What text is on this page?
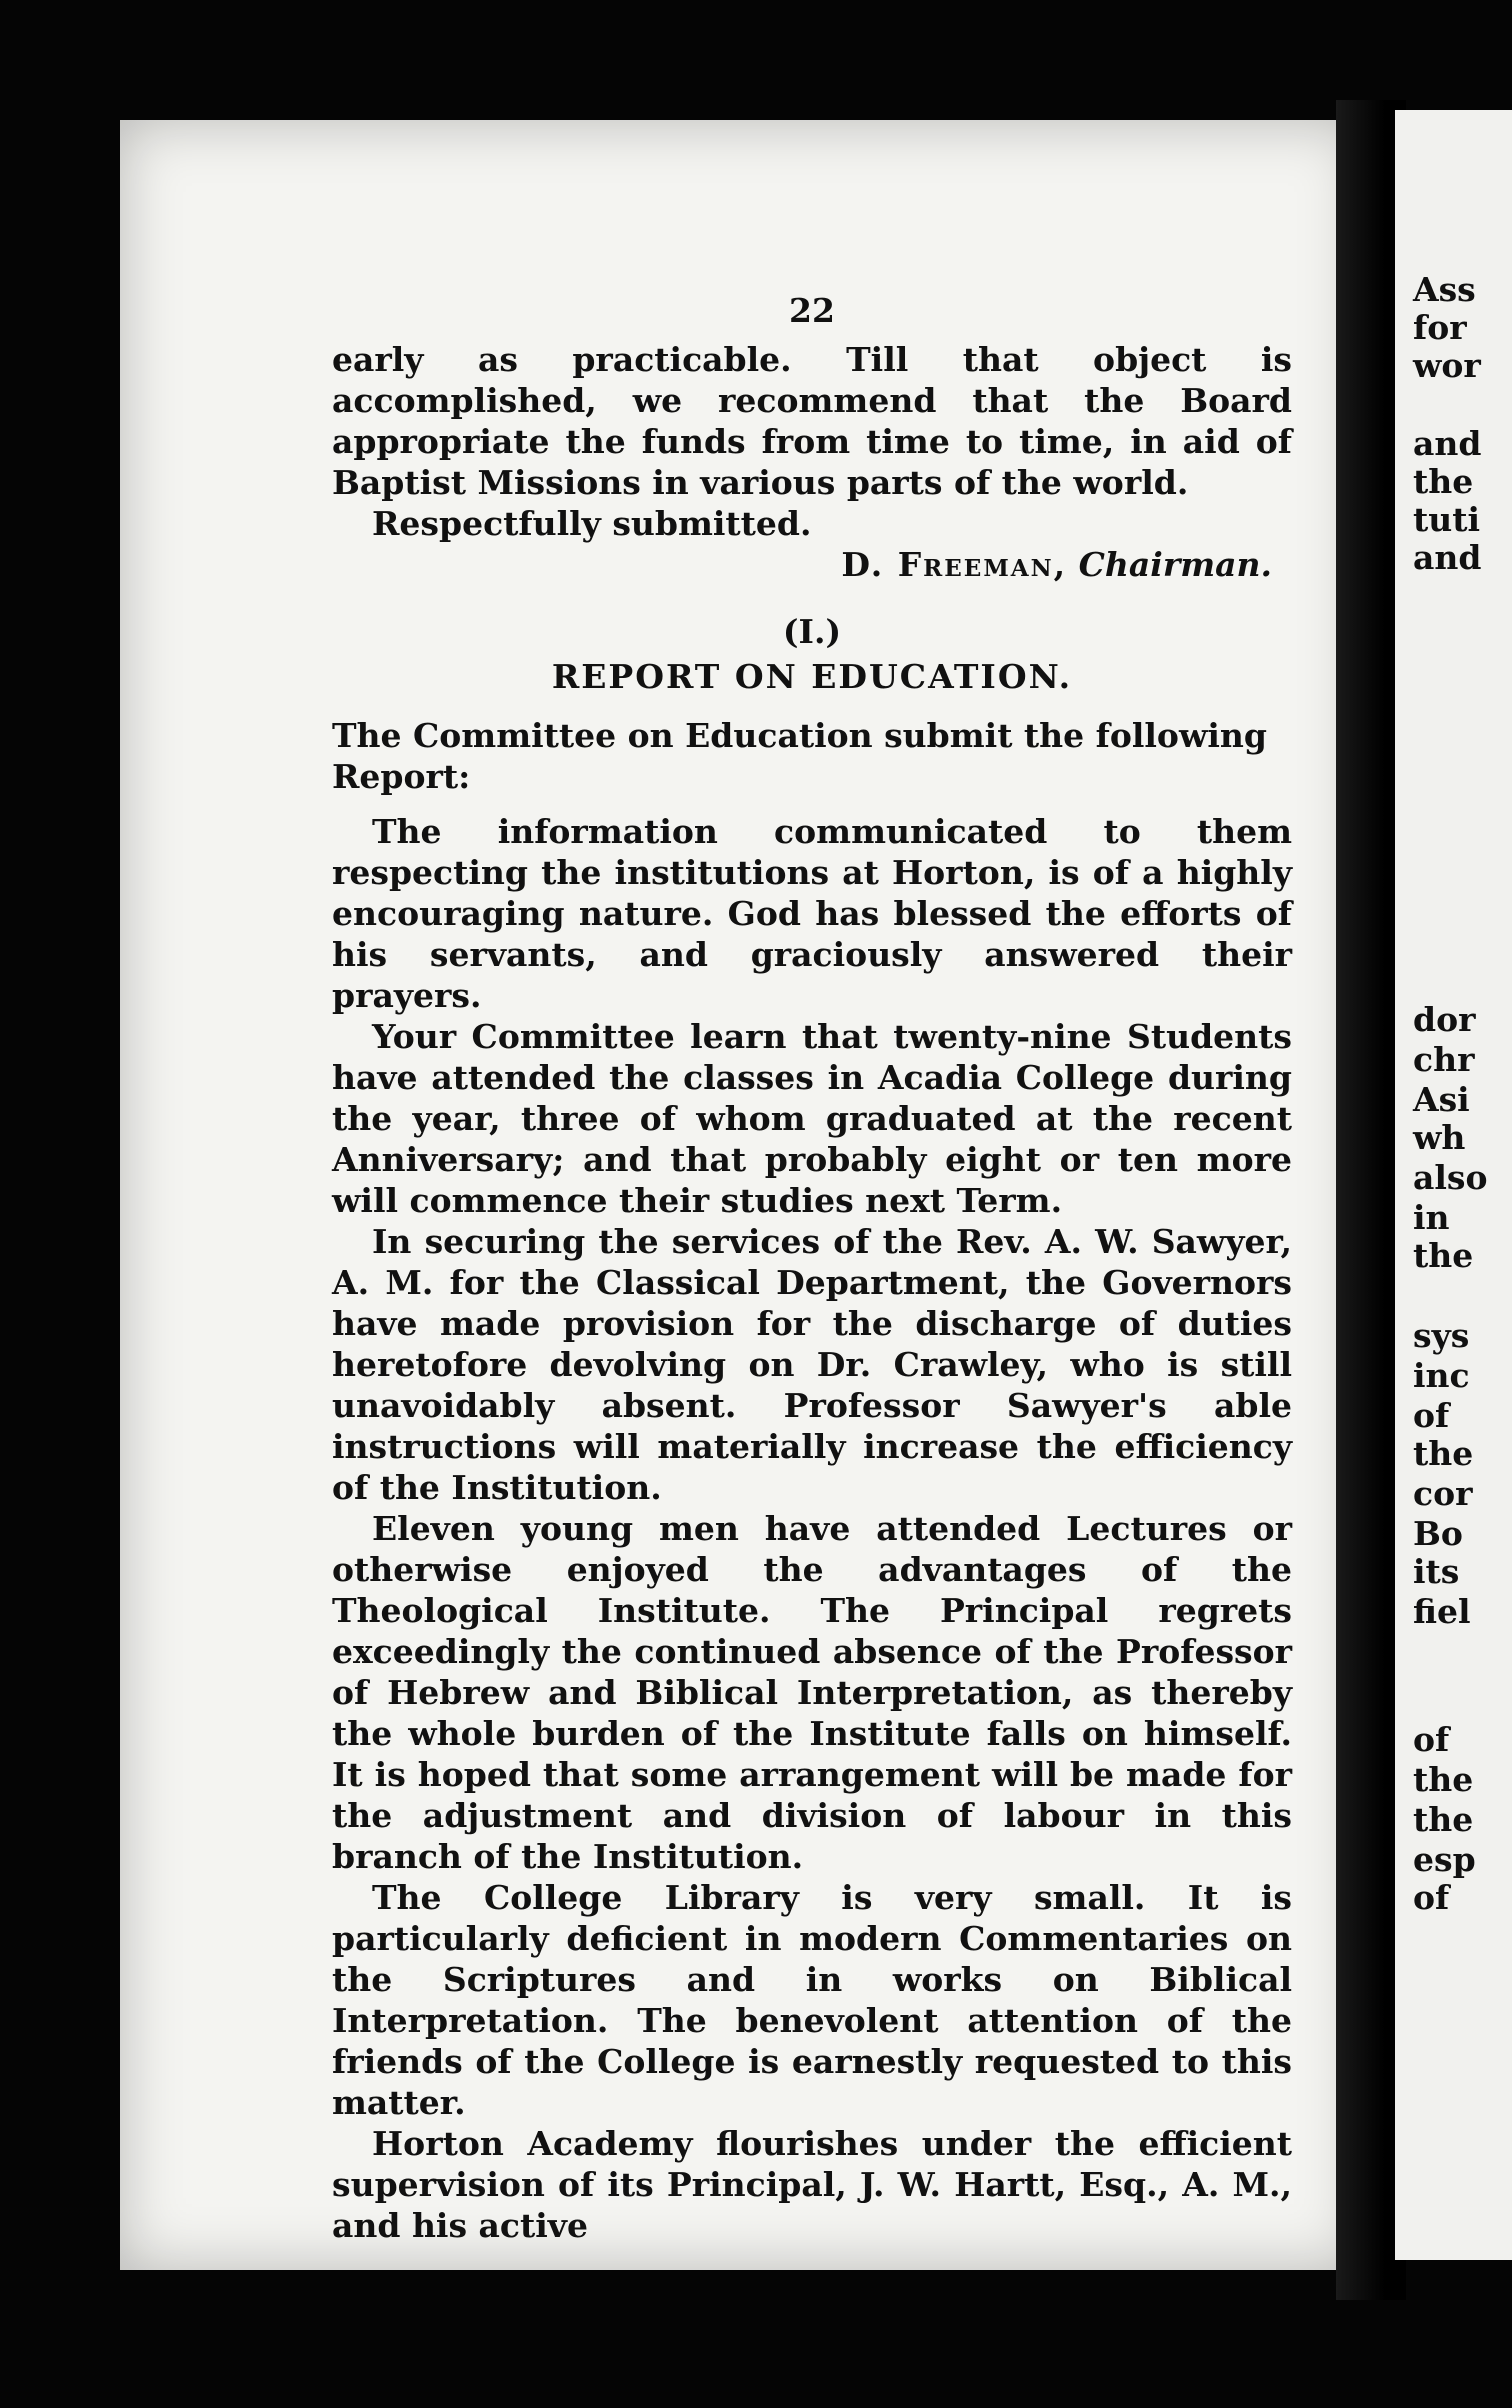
Ass
for
wor
and
the
tuti
and
dor
chr
Asi
wh
also
in
the
sys
inc
of
the
cor
Bo
its
fiel
of
the
the
esp
of
22

early as practicable. Till that object is accomplished, we recommend that the Board appropriate the funds from time to time, in aid of Baptist Missions in various parts of the world.

Respectfully submitted.

D. Freeman, Chairman.
(I.)
REPORT ON EDUCATION.

The Committee on Education submit the following Report:

The information communicated to them respecting the institutions at Horton, is of a highly encouraging nature. God has blessed the efforts of his servants, and graciously answered their prayers.

Your Committee learn that twenty-nine Students have attended the classes in Acadia College during the year, three of whom graduated at the recent Anniversary; and that probably eight or ten more will commence their studies next Term.

In securing the services of the Rev. A. W. Sawyer, A. M. for the Classical Department, the Governors have made provision for the discharge of duties heretofore devolving on Dr. Crawley, who is still unavoidably absent. Professor Sawyer's able instructions will materially increase the efficiency of the Institution.

Eleven young men have attended Lectures or otherwise enjoyed the advantages of the Theological Institute. The Principal regrets exceedingly the continued absence of the Professor of Hebrew and Biblical Interpretation, as thereby the whole burden of the Institute falls on himself. It is hoped that some arrangement will be made for the adjustment and division of labour in this branch of the Institution.

The College Library is very small. It is particularly deficient in modern Commentaries on the Scriptures and in works on Biblical Interpretation. The benevolent attention of the friends of the College is earnestly requested to this matter.

Horton Academy flourishes under the efficient supervision of its Principal, J. W. Hartt, Esq., A. M., and his active
